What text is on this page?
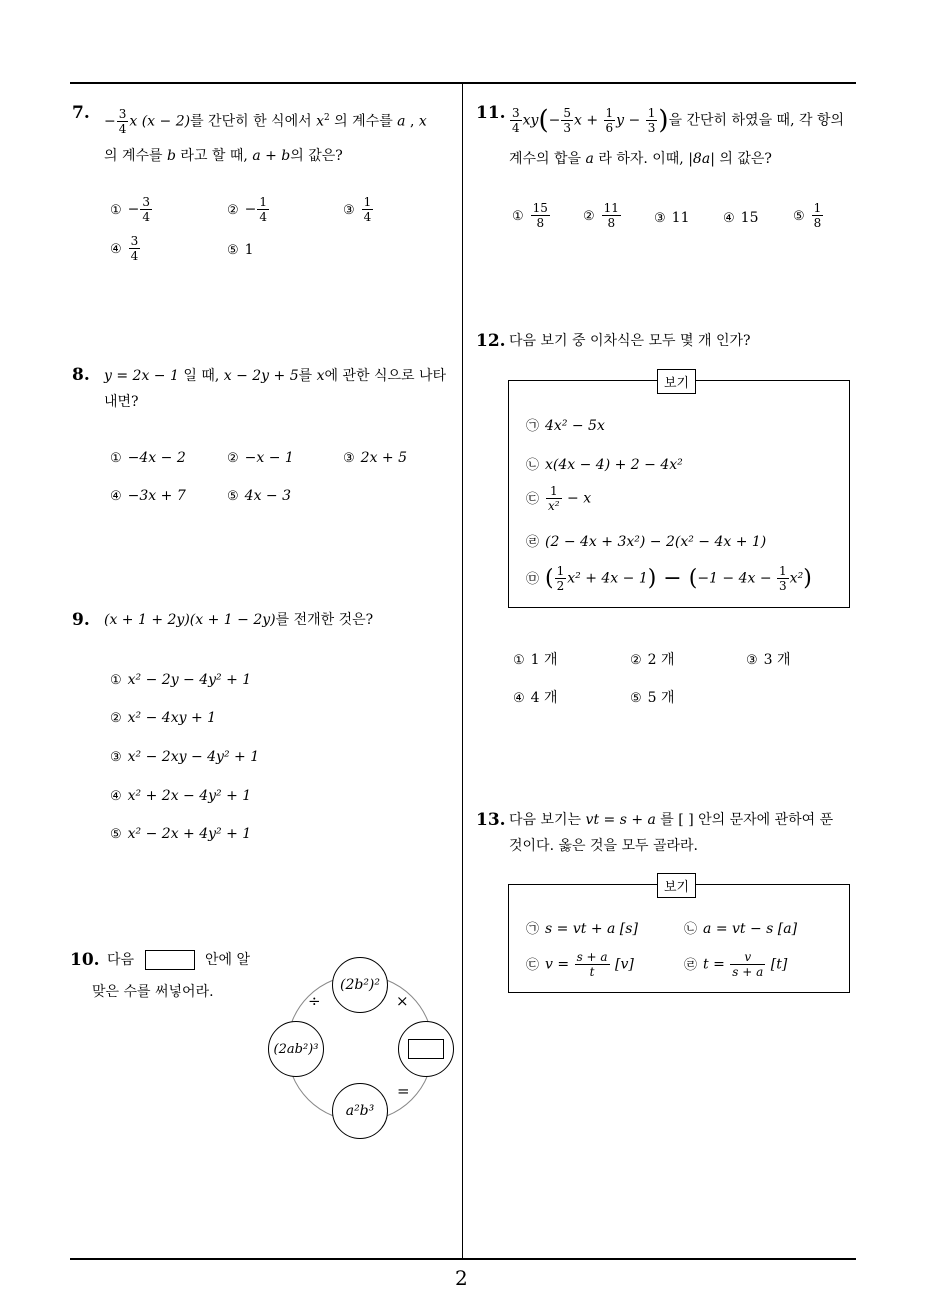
2
7. − $\frac{3}{4}$ x (x − 2)를 간단히 한 식에서 $x^2$ 의 계수를 a , x
의 계수를 b 라고 할 때, a + b의 값은?
① − $\frac{3}{4}$	② − $\frac{1}{4}$	③ $\frac{1}{4}$
④ $\frac{3}{4}$	⑤ 1
8. y = 2x − 1 일 때, x − 2y + 5를 x에 관한 식으로 나타
내면?
① −4x − 2	② −x − 1	③ 2x + 5
④ −3x + 7	⑤ 4x − 3
9. (x + 1 + 2y)(x + 1 − 2y)를 전개한 것은?
① x² − 2y − 4y² + 1
② x² − 4xy + 1
③ x² − 2xy − 4y² + 1
④ x² + 2x − 4y² + 1
⑤ x² − 2x + 4y² + 1
10. 다음	안에 알
맞은 수를 써넣어라.	(2b²)²
(2ab²)³
a²b³
÷	×
=
11. $\frac{3}{4} xy(- \frac{5}{3}$ $x + \frac{1}{6}$ $y - \frac{1}{3}$ )을 간단히 하였을 때, 각 항의
계수의 합을 a 라 하자. 이때, |8a| 의 값은?
① $\frac{15}{8}$	② $\frac{11}{8}$	③ 11	④ 15	⑤ $\frac{1}{8}$
12. 다음 보기 중 이차식은 모두 몇 개 인가?
보기
㉠ 4x² − 5x
㉡ x(4x − 4) + 2 − 4x²
㉢ $\frac{1}{\text{x²}} - x$
㉣ (2 − 4x + 3x²) − 2(x² − 4x + 1)
㉤ ( $\frac{1}{2} x^2 + 4x - 1) - (-1 - 4x - \frac{1}{3} x^2)$
① 1 개	② 2 개	③ 3 개
④ 4 개	⑤ 5 개
13. 다음 보기는 vt = s + a 를 [ ] 안의 문자에 관하여 푼
것이다. 옳은 것을 모두 골라라.
보기
㉠ s = vt + a [s]	㉡ a = vt − s [a]
㉢ $v = \frac{s + a}{t} [v]$	㉣ $t = \frac{v}{s + a} [t]$
